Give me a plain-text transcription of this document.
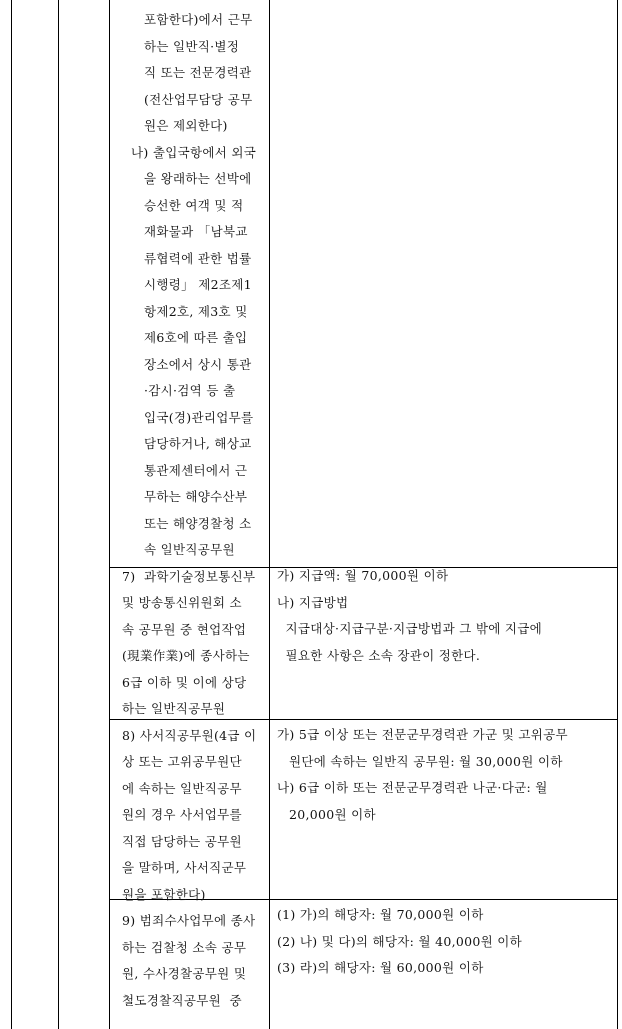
포함한다)에서 근무
하는 일반직·별정
직 또는 전문경력관
(전산업무담당 공무
원은 제외한다)
나) 출입국항에서 외국
을 왕래하는 선박에
승선한 여객 및 적
재화물과 「남북교
류협력에 관한 법률
시행령」 제2조제1
항제2호, 제3호 및
제6호에 따른 출입
장소에서 상시 통관
·감시·검역 등 출
입국(경)관리업무를
담당하거나, 해상교
통관제센터에서 근
무하는 해양수산부
또는 해양경찰청 소
속 일반직공무원
7)  과학기술정보통신부
및 방송통신위원회 소
속 공무원 중 현업작업
(現業作業)에 종사하는
6급 이하 및 이에 상당
하는 일반직공무원
8) 사서직공무원(4급 이
상 또는 고위공무원단
에 속하는 일반직공무
원의 경우 사서업무를
직접 담당하는 공무원
을 말하며, 사서직군무
원을 포함한다)
9) 범죄수사업무에 종사
하는 검찰청 소속 공무
원, 수사경찰공무원 및
철도경찰직공무원  중
가) 지급액: 월 70,000원 이하
나) 지급방법
지급대상·지급구분·지급방법과 그 밖에 지급에
필요한 사항은 소속 장관이 정한다.
가) 5급 이상 또는 전문군무경력관 가군 및 고위공무
원단에 속하는 일반직 공무원: 월 30,000원 이하
나) 6급 이하 또는 전문군무경력관 나군·다군: 월
20,000원 이하
(1) 가)의 해당자: 월 70,000원 이하
(2) 나) 및 다)의 해당자: 월 40,000원 이하
(3) 라)의 해당자: 월 60,000원 이하
